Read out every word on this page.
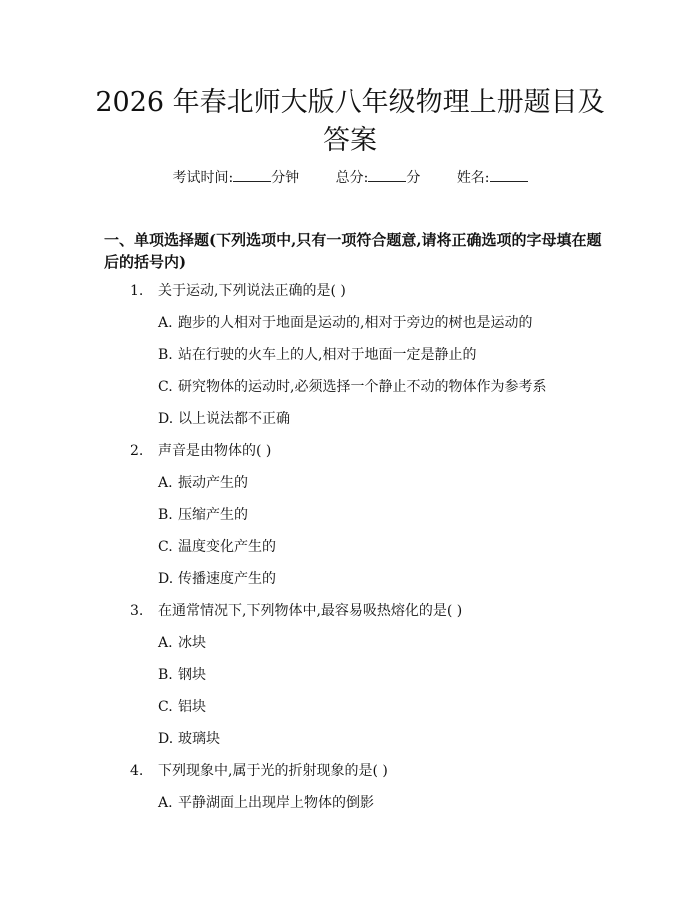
2026 年春北师大版八年级物理上册题目及答案
考试时间:	分钟	总分:	分	姓名:
一、单项选择题(下列选项中,只有一项符合题意,请将正确选项的字母填在题后的括号内)
1. 关于运动,下列说法正确的是( )
A. 跑步的人相对于地面是运动的,相对于旁边的树也是运动的
B. 站在行驶的火车上的人,相对于地面一定是静止的
C. 研究物体的运动时,必须选择一个静止不动的物体作为参考系
D. 以上说法都不正确
2. 声音是由物体的( )
A. 振动产生的
B. 压缩产生的
C. 温度变化产生的
D. 传播速度产生的
3. 在通常情况下,下列物体中,最容易吸热熔化的是( )
A. 冰块
B. 钢块
C. 铝块
D. 玻璃块
4. 下列现象中,属于光的折射现象的是( )
A. 平静湖面上出现岸上物体的倒影
